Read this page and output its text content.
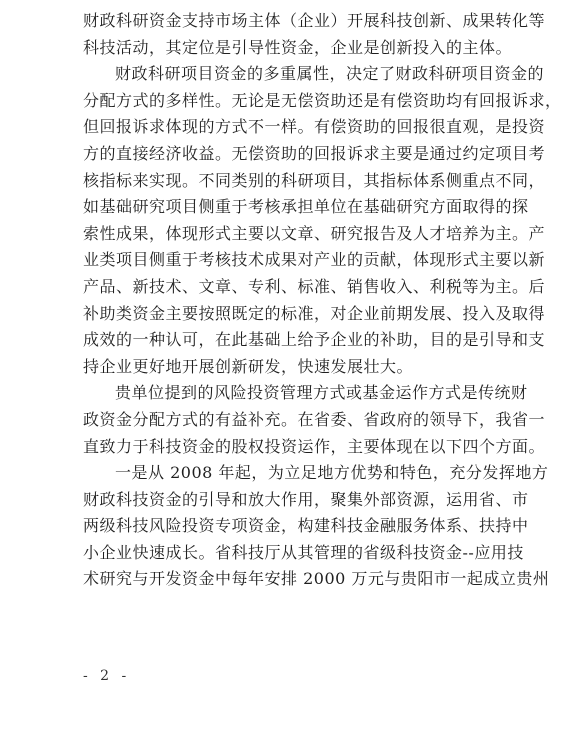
财政科研资金支持市场主体（企业）开展科技创新、成果转化等
科技活动，其定位是引导性资金，企业是创新投入的主体。
财政科研项目资金的多重属性，决定了财政科研项目资金的
分配方式的多样性。无论是无偿资助还是有偿资助均有回报诉求，
但回报诉求体现的方式不一样。有偿资助的回报很直观，是投资
方的直接经济收益。无偿资助的回报诉求主要是通过约定项目考
核指标来实现。不同类别的科研项目，其指标体系侧重点不同，
如基础研究项目侧重于考核承担单位在基础研究方面取得的探
索性成果，体现形式主要以文章、研究报告及人才培养为主。产
业类项目侧重于考核技术成果对产业的贡献，体现形式主要以新
产品、新技术、文章、专利、标准、销售收入、利税等为主。后
补助类资金主要按照既定的标准，对企业前期发展、投入及取得
成效的一种认可，在此基础上给予企业的补助，目的是引导和支
持企业更好地开展创新研发，快速发展壮大。
贵单位提到的风险投资管理方式或基金运作方式是传统财
政资金分配方式的有益补充。在省委、省政府的领导下，我省一
直致力于科技资金的股权投资运作，主要体现在以下四个方面。
一是从 2008 年起，为立足地方优势和特色，充分发挥地方
财政科技资金的引导和放大作用，聚集外部资源，运用省、市
两级科技风险投资专项资金，构建科技金融服务体系、扶持中
小企业快速成长。省科技厅从其管理的省级科技资金--应用技
术研究与开发资金中每年安排 2000 万元与贵阳市一起成立贵州
- 2 -
